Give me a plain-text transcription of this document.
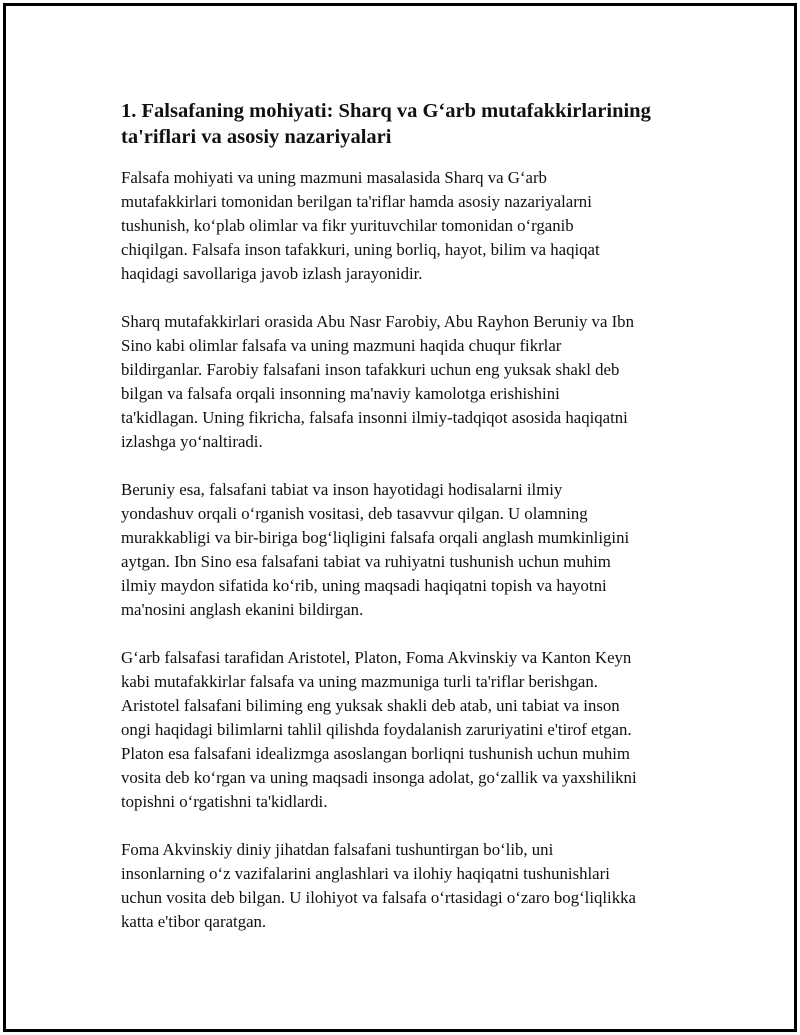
1. Falsafaning mohiyati: Sharq va G‘arb mutafakkirlarining ta'riflari va asosiy nazariyalari

Falsafa mohiyati va uning mazmuni masalasida Sharq va G‘arb
mutafakkirlari tomonidan berilgan ta'riflar hamda asosiy nazariyalarni
tushunish, ko‘plab olimlar va fikr yurituvchilar tomonidan o‘rganib
chiqilgan. Falsafa inson tafakkuri, uning borliq, hayot, bilim va haqiqat
haqidagi savollariga javob izlash jarayonidir.

Sharq mutafakkirlari orasida Abu Nasr Farobiy, Abu Rayhon Beruniy va Ibn
Sino kabi olimlar falsafa va uning mazmuni haqida chuqur fikrlar
bildirganlar. Farobiy falsafani inson tafakkuri uchun eng yuksak shakl deb
bilgan va falsafa orqali insonning ma'naviy kamolotga erishishini
ta'kidlagan. Uning fikricha, falsafa insonni ilmiy-tadqiqot asosida haqiqatni
izlashga yo‘naltiradi.

Beruniy esa, falsafani tabiat va inson hayotidagi hodisalarni ilmiy
yondashuv orqali o‘rganish vositasi, deb tasavvur qilgan. U olamning
murakkabligi va bir-biriga bog‘liqligini falsafa orqali anglash mumkinligini
aytgan. Ibn Sino esa falsafani tabiat va ruhiyatni tushunish uchun muhim
ilmiy maydon sifatida ko‘rib, uning maqsadi haqiqatni topish va hayotni
ma'nosini anglash ekanini bildirgan.

G‘arb falsafasi tarafidan Aristotel, Platon, Foma Akvinskiy va Kanton Keyn
kabi mutafakkirlar falsafa va uning mazmuniga turli ta'riflar berishgan.
Aristotel falsafani biliming eng yuksak shakli deb atab, uni tabiat va inson
ongi haqidagi bilimlarni tahlil qilishda foydalanish zaruriyatini e'tirof etgan.
Platon esa falsafani idealizmga asoslangan borliqni tushunish uchun muhim
vosita deb ko‘rgan va uning maqsadi insonga adolat, go‘zallik va yaxshilikni
topishni o‘rgatishni ta'kidlardi.

Foma Akvinskiy diniy jihatdan falsafani tushuntirgan bo‘lib, uni
insonlarning o‘z vazifalarini anglashlari va ilohiy haqiqatni tushunishlari
uchun vosita deb bilgan. U ilohiyot va falsafa o‘rtasidagi o‘zaro bog‘liqlikka
katta e'tibor qaratgan.
